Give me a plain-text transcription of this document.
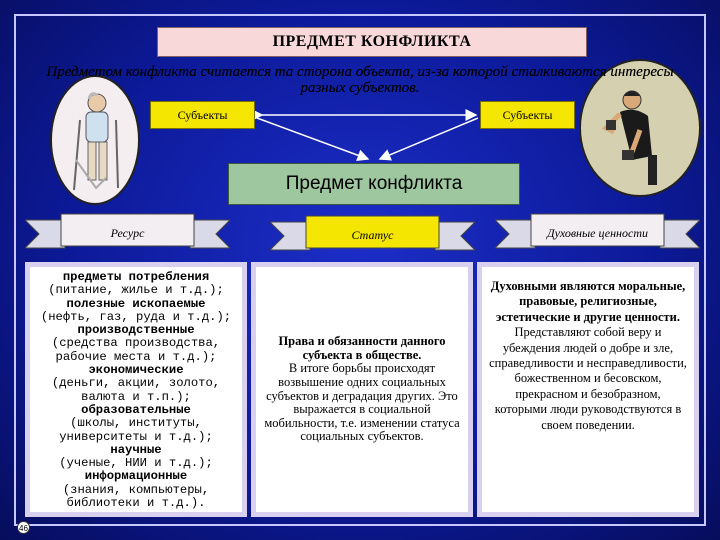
ПРЕДМЕТ КОНФЛИКТА
Предметом конфликта считается та сторона объекта, из-за которой сталкиваются интересы разных субъектов.
Субъекты	Субъекты
Предмет конфликта
Ресурс	Статус	Духовные ценности
предметы потребления
(питание, жилье и т.д.);
полезные ископаемые
(нефть, газ, руда и т.д.);
производственные
(средства производства,
рабочие места и т.д.);
экономические
(деньги, акции, золото,
валюта и т.п.);
образовательные
(школы, институты,
университеты и т.д.);
научные
(ученые, НИИ и т.д.);
информационные
(знания, компьютеры,
библиотеки и т.д.).
Права и обязанности данного субъекта в обществе.
В итоге борьбы происходят возвышение одних социальных субъектов и деградация других. Это выражается в социальной мобильности, т.е. изменении статуса социальных субъектов.
Духовными являются моральные, правовые, религиозные, эстетические и другие ценности.
Представляют собой веру и убеждения людей о добре и зле, справедливости и несправедливости, божественном и бесовском, прекрасном и безобразном, которыми люди руководствуются в своем поведении.
46
